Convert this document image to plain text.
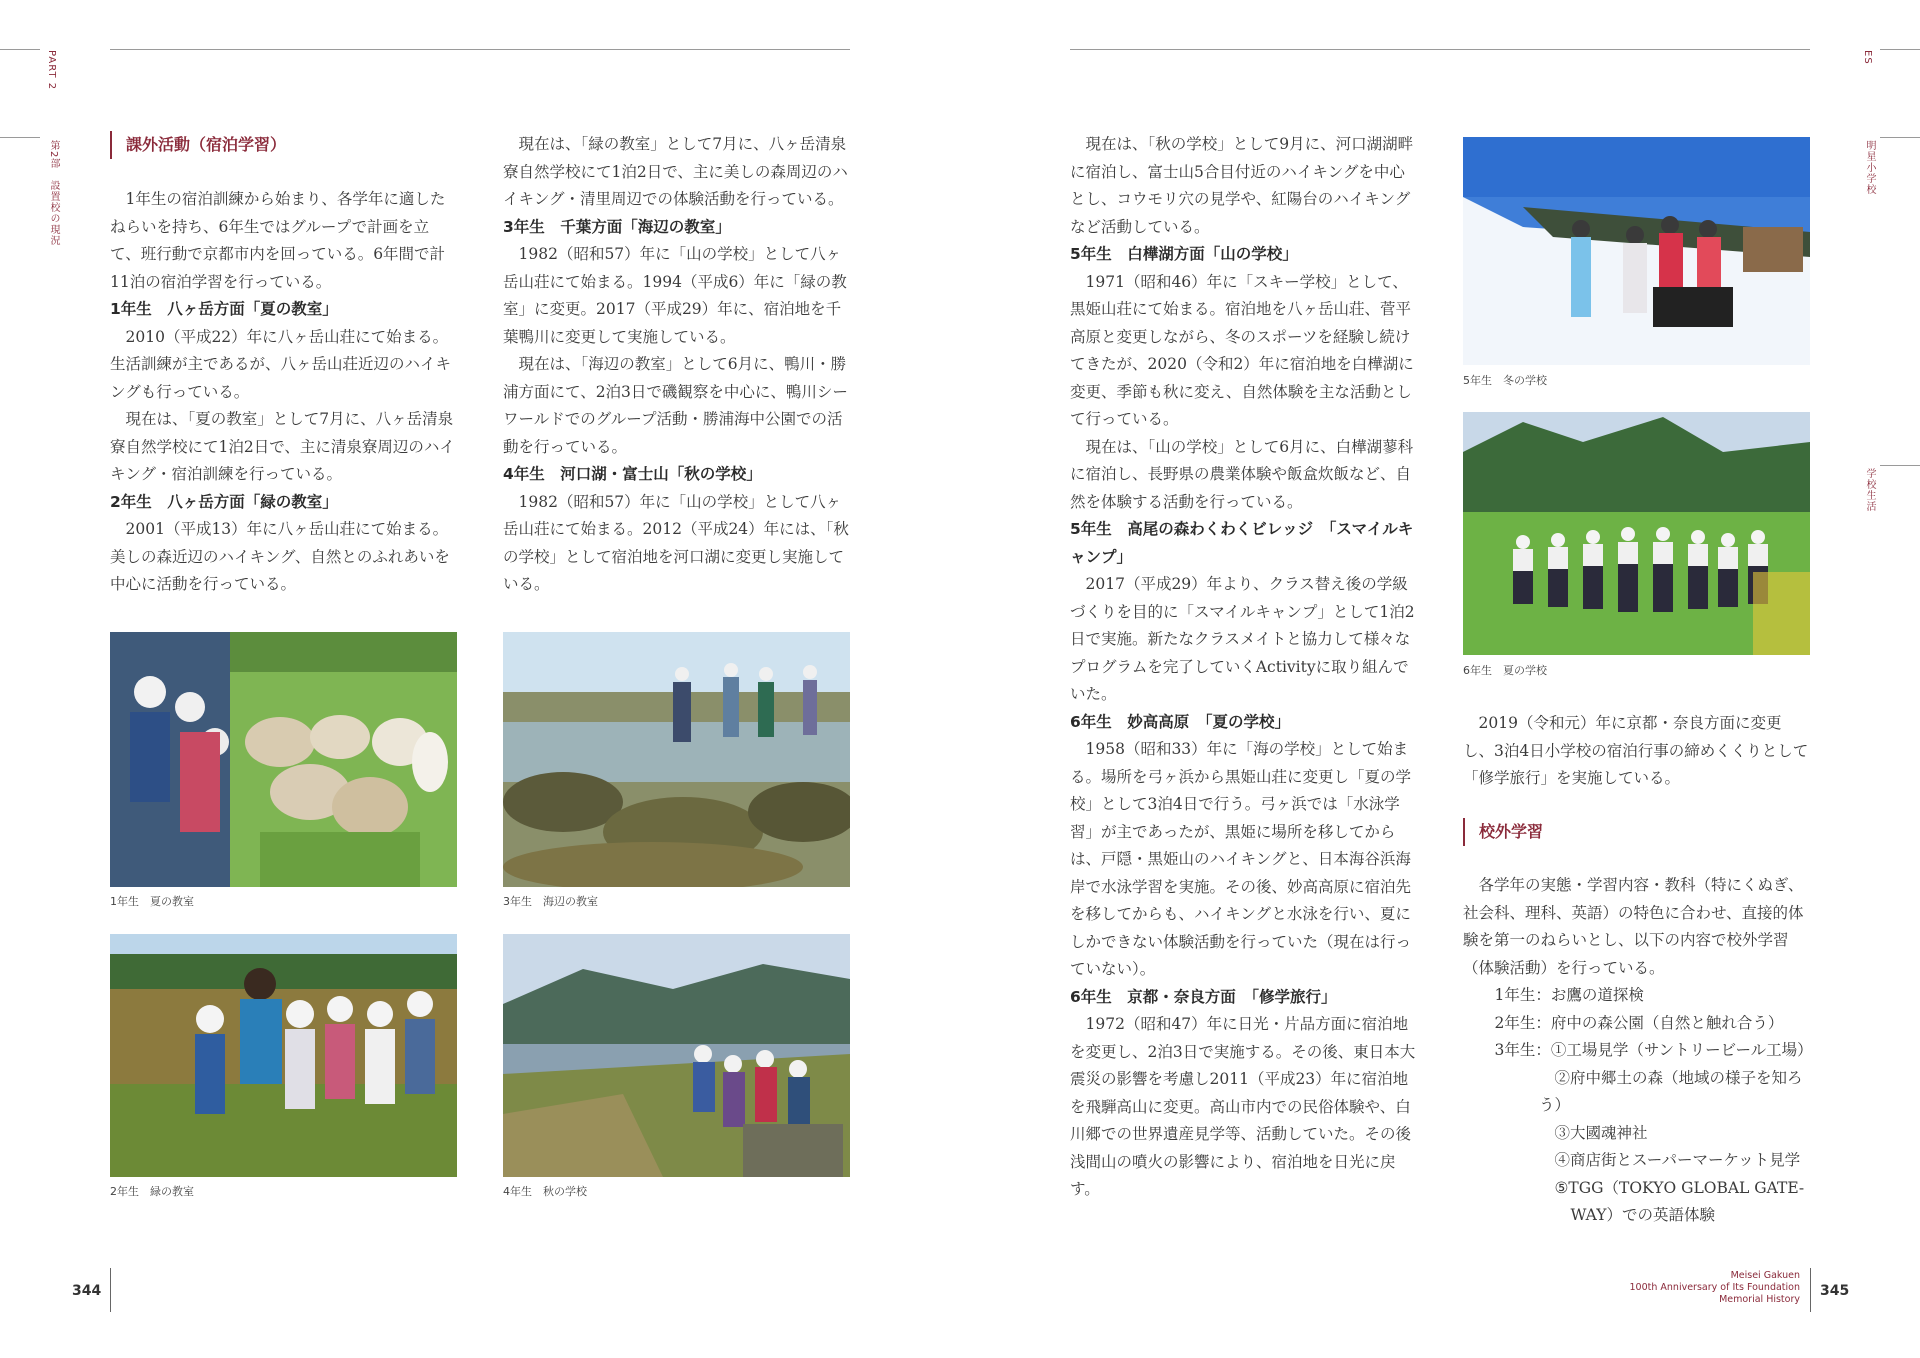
PART 2
第2部　設置校の現況	課外活動（宿泊学習）

1年生の宿泊訓練から始まり、各学年に適したねらいを持ち、6年生ではグループで計画を立て、班行動で京都市内を回っている。6年間で計11泊の宿泊学習を行っている。

1年生　八ヶ岳方面「夏の教室」

2010（平成22）年に八ヶ岳山荘にて始まる。生活訓練が主であるが、八ヶ岳山荘近辺のハイキングも行っている。

現在は、「夏の教室」として7月に、八ヶ岳清泉寮自然学校にて1泊2日で、主に清泉寮周辺のハイキング・宿泊訓練を行っている。

2年生　八ヶ岳方面「緑の教室」

2001（平成13）年に八ヶ岳山荘にて始まる。美しの森近辺のハイキング、自然とのふれあいを中心に活動を行っている。

現在は、「緑の教室」として7月に、八ヶ岳清泉寮自然学校にて1泊2日で、主に美しの森周辺のハイキング・清里周辺での体験活動を行っている。

3年生　千葉方面「海辺の教室」

1982（昭和57）年に「山の学校」として八ヶ岳山荘にて始まる。1994（平成6）年に「緑の教室」に変更。2017（平成29）年に、宿泊地を千葉鴨川に変更して実施している。

現在は、「海辺の教室」として6月に、鴨川・勝浦方面にて、2泊3日で磯観察を中心に、鴨川シーワールドでのグループ活動・勝浦海中公園での活動を行っている。

4年生　河口湖・富士山「秋の学校」

1982（昭和57）年に「山の学校」として八ヶ岳山荘にて始まる。2012（平成24）年には、「秋の学校」として宿泊地を河口湖に変更し実施している。

1年生　夏の教室	3年生　海辺の教室
2年生　緑の教室	4年生　秋の学校
344
ES
明星小学校
学校生活

現在は、「秋の学校」として9月に、河口湖湖畔に宿泊し、富士山5合目付近のハイキングを中心とし、コウモリ穴の見学や、紅陽台のハイキングなど活動している。

5年生　白樺湖方面「山の学校」

1971（昭和46）年に「スキー学校」として、黒姫山荘にて始まる。宿泊地を八ヶ岳山荘、菅平高原と変更しながら、冬のスポーツを経験し続けてきたが、2020（令和2）年に宿泊地を白樺湖に変更、季節も秋に変え、自然体験を主な活動として行っている。

現在は、「山の学校」として6月に、白樺湖蓼科に宿泊し、長野県の農業体験や飯盒炊飯など、自然を体験する活動を行っている。

5年生　高尾の森わくわくビレッジ　「スマイルキャンプ」

2017（平成29）年より、クラス替え後の学級づくりを目的に「スマイルキャンプ」として1泊2日で実施。新たなクラスメイトと協力して様々なプログラムを完了していくActivityに取り組んでいた。

6年生　妙高高原　「夏の学校」

1958（昭和33）年に「海の学校」として始まる。場所を弓ヶ浜から黒姫山荘に変更し「夏の学校」として3泊4日で行う。弓ヶ浜では「水泳学習」が主であったが、黒姫に場所を移してからは、戸隠・黒姫山のハイキングと、日本海谷浜海岸で水泳学習を実施。その後、妙高高原に宿泊先を移してからも、ハイキングと水泳を行い、夏にしかできない体験活動を行っていた（現在は行っていない）。

6年生　京都・奈良方面　「修学旅行」

1972（昭和47）年に日光・片品方面に宿泊地を変更し、2泊3日で実施する。その後、東日本大震災の影響を考慮し2011（平成23）年に宿泊地を飛騨高山に変更。高山市内での民俗体験や、白川郷での世界遺産見学等、活動していた。その後浅間山の噴火の影響により、宿泊地を日光に戻す。

5年生　冬の学校
6年生　夏の学校

2019（令和元）年に京都・奈良方面に変更し、3泊4日小学校の宿泊行事の締めくくりとして「修学旅行」を実施している。

校外学習

各学年の実態・学習内容・教科（特にくぬぎ、社会科、理科、英語）の特色に合わせ、直接的体験を第一のねらいとし、以下の内容で校外学習（体験活動）を行っている。

1年生：お鷹の道探検

2年生：府中の森公園（自然と触れ合う）

3年生：①工場見学（サントリービール工場）

②府中郷土の森（地域の様子を知ろう）

③大國魂神社

④商店街とスーパーマーケット見学

⑤TGG（TOKYO GLOBAL GATE-

WAY）での英語体験

Meisei Gakuen
100th Anniversary of Its Foundation
Memorial History
345
